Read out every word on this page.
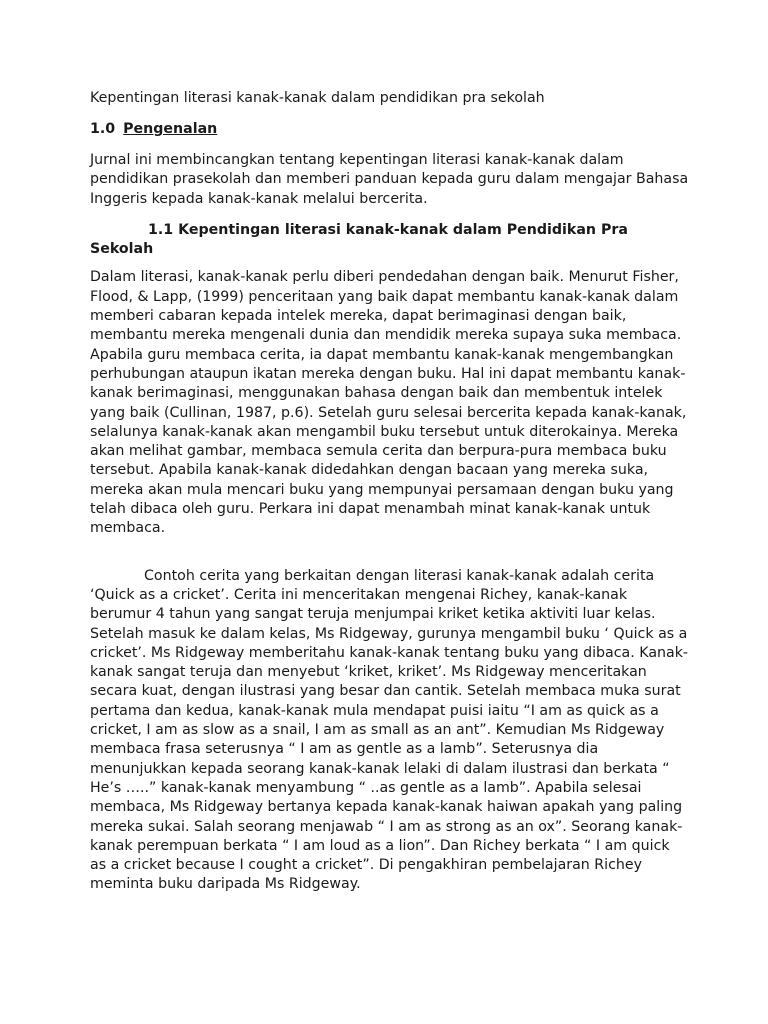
Kepentingan literasi kanak-kanak dalam pendidikan pra sekolah
1.0 Pengenalan
Jurnal ini membincangkan tentang kepentingan literasi kanak-kanak dalam
pendidikan prasekolah dan memberi panduan kepada guru dalam mengajar Bahasa
Inggeris kepada kanak-kanak melalui bercerita.
1.1 Kepentingan literasi kanak-kanak dalam Pendidikan Pra
Sekolah
Dalam literasi, kanak-kanak perlu diberi pendedahan dengan baik. Menurut Fisher,
Flood, & Lapp, (1999) penceritaan yang baik dapat membantu kanak-kanak dalam
memberi cabaran kepada intelek mereka, dapat berimaginasi dengan baik,
membantu mereka mengenali dunia dan mendidik mereka supaya suka membaca.
Apabila guru membaca cerita, ia dapat membantu kanak-kanak mengembangkan
perhubungan ataupun ikatan mereka dengan buku. Hal ini dapat membantu kanak-
kanak berimaginasi, menggunakan bahasa dengan baik dan membentuk intelek
yang baik (Cullinan, 1987, p.6). Setelah guru selesai bercerita kepada kanak-kanak,
selalunya kanak-kanak akan mengambil buku tersebut untuk diterokainya. Mereka
akan melihat gambar, membaca semula cerita dan berpura-pura membaca buku
tersebut. Apabila kanak-kanak didedahkan dengan bacaan yang mereka suka,
mereka akan mula mencari buku yang mempunyai persamaan dengan buku yang
telah dibaca oleh guru. Perkara ini dapat menambah minat kanak-kanak untuk
membaca.
Contoh cerita yang berkaitan dengan literasi kanak-kanak adalah cerita
‘Quick as a cricket’. Cerita ini menceritakan mengenai Richey, kanak-kanak
berumur 4 tahun yang sangat teruja menjumpai kriket ketika aktiviti luar kelas.
Setelah masuk ke dalam kelas, Ms Ridgeway, gurunya mengambil buku ‘ Quick as a
cricket’. Ms Ridgeway memberitahu kanak-kanak tentang buku yang dibaca. Kanak-
kanak sangat teruja dan menyebut ‘kriket, kriket’. Ms Ridgeway menceritakan
secara kuat, dengan ilustrasi yang besar dan cantik. Setelah membaca muka surat
pertama dan kedua, kanak-kanak mula mendapat puisi iaitu “I am as quick as a
cricket, I am as slow as a snail, I am as small as an ant”. Kemudian Ms Ridgeway
membaca frasa seterusnya “ I am as gentle as a lamb”. Seterusnya dia
menunjukkan kepada seorang kanak-kanak lelaki di dalam ilustrasi dan berkata “
He’s …..” kanak-kanak menyambung “ ..as gentle as a lamb”. Apabila selesai
membaca, Ms Ridgeway bertanya kepada kanak-kanak haiwan apakah yang paling
mereka sukai. Salah seorang menjawab “ I am as strong as an ox”. Seorang kanak-
kanak perempuan berkata “ I am loud as a lion”. Dan Richey berkata “ I am quick
as a cricket because I cought a cricket”. Di pengakhiran pembelajaran Richey
meminta buku daripada Ms Ridgeway.
